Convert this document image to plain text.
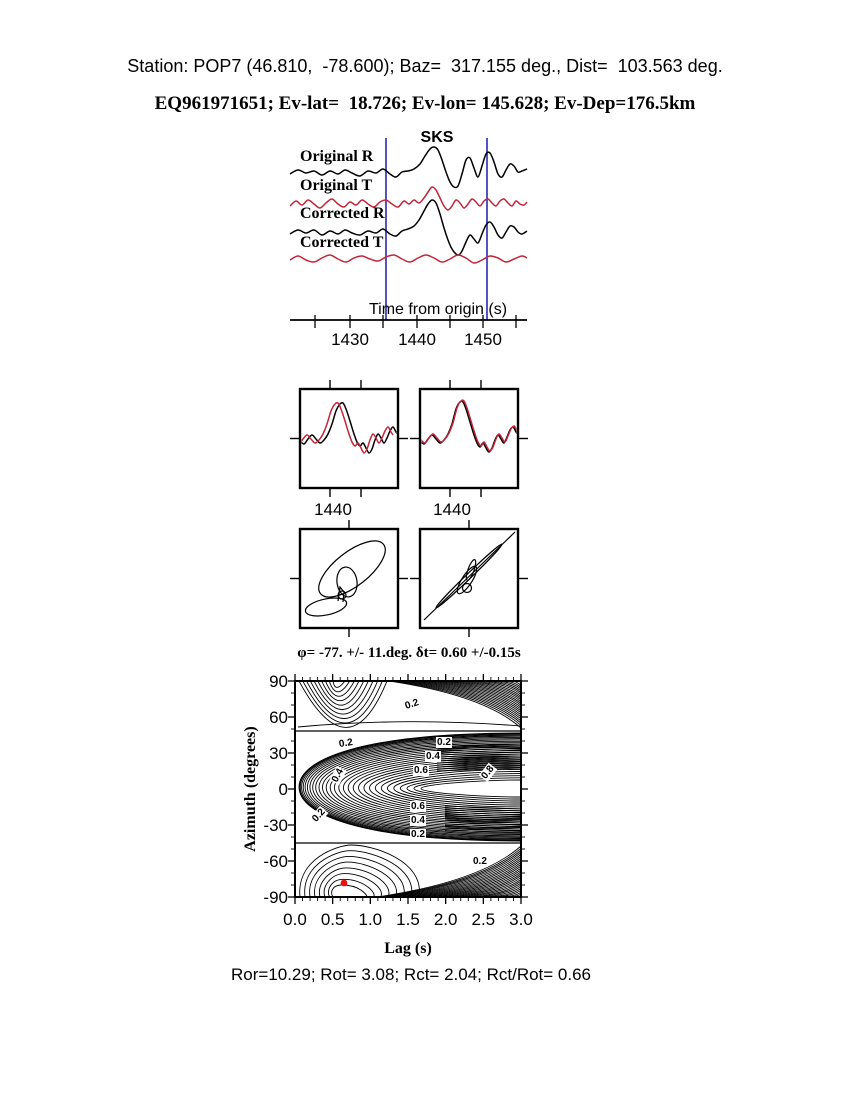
Station: POP7 (46.810,  -78.600); Baz=  317.155 deg., Dist=  103.563 deg.
EQ961971651; Ev-lat=  18.726; Ev-lon= 145.628; Ev-Dep=176.5km
SKS
Original R
Original T
Corrected R
Corrected T
Time from origin (s)
1430	1440	1450
1440	1440
φ= -77. +/- 11.deg. δt= 0.60 +/-0.15s
90
60
30
0
-30
-60
-90
0.0 0.5 1.0 1.5 2.0 2.5 3.0
0.2
0.2
0.4
0.2
0.2
0.4
0.6	0.8
0.6
0.4
0.2
0.2
Azimuth (degrees)
Lag (s)
Ror=10.29; Rot= 3.08; Rct= 2.04; Rct/Rot= 0.66
